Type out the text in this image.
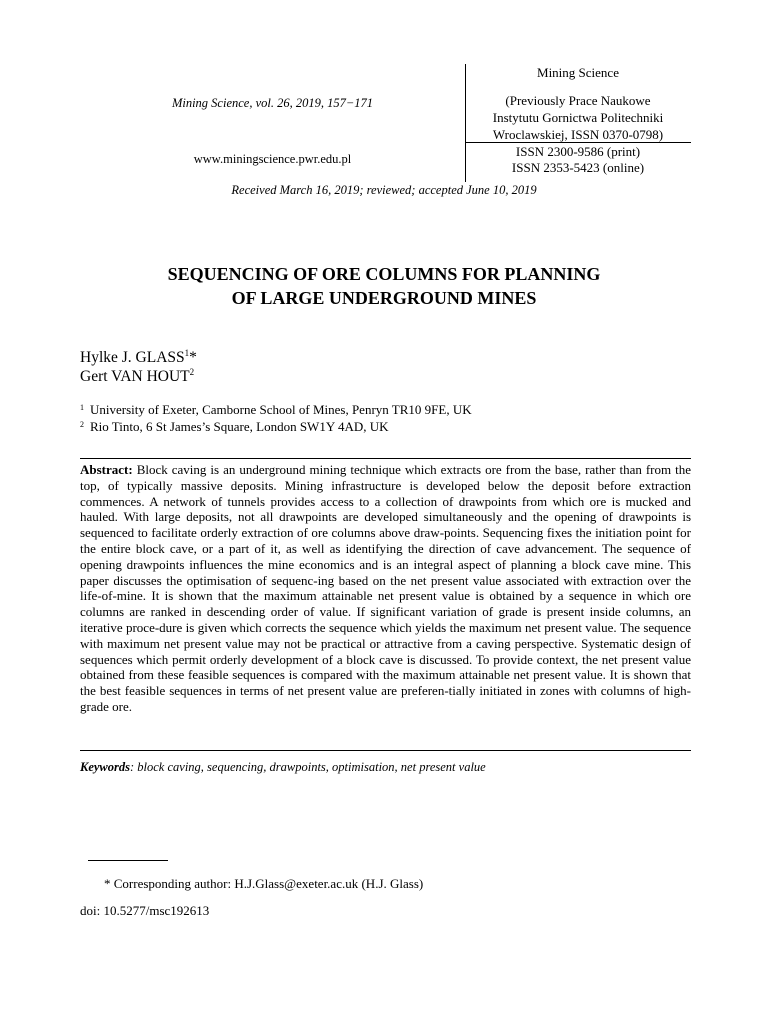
Mining Science, vol. 26, 2019, 157−171
www.miningscience.pwr.edu.pl
Mining Science
(Previously Prace Naukowe
Instytutu Gornictwa Politechniki
Wroclawskiej, ISSN 0370-0798)
ISSN 2300-9586 (print)
ISSN 2353-5423 (online)
Received March 16, 2019; reviewed; accepted June 10, 2019
SEQUENCING OF ORE COLUMNS FOR PLANNING
OF LARGE UNDERGROUND MINES
Hylke J. GLASS$^1$*
Gert VAN HOUT$^2$
$^1$ University of Exeter, Camborne School of Mines, Penryn TR10 9FE, UK
$^2$ Rio Tinto, 6 St James’s Square, London SW1Y 4AD, UK
Abstract: Block caving is an underground mining technique which extracts ore from the base, rather than from the top, of typically massive deposits. Mining infrastructure is developed below the deposit before extraction commences. A network of tunnels provides access to a collection of drawpoints from which ore is mucked and hauled. With large deposits, not all drawpoints are developed simultaneously and the opening of drawpoints is sequenced to facilitate orderly extraction of ore columns above draw-points. Sequencing fixes the initiation point for the entire block cave, or a part of it, as well as identifying the direction of cave advancement. The sequence of opening drawpoints influences the mine economics and is an integral aspect of planning a block cave mine. This paper discusses the optimisation of sequenc-ing based on the net present value associated with extraction over the life-of-mine. It is shown that the maximum attainable net present value is obtained by a sequence in which ore columns are ranked in descending order of value. If significant variation of grade is present inside columns, an iterative proce-dure is given which corrects the sequence which yields the maximum net present value. The sequence with maximum net present value may not be practical or attractive from a caving perspective. Systematic design of sequences which permit orderly development of a block cave is discussed. To provide context, the net present value obtained from these feasible sequences is compared with the maximum attainable net present value. It is shown that the best feasible sequences in terms of net present value are preferen-tially initiated in zones with columns of high-grade ore.
Keywords: block caving, sequencing, drawpoints, optimisation, net present value
* Corresponding author: H.J.Glass@exeter.ac.uk (H.J. Glass)
doi: 10.5277/msc192613
